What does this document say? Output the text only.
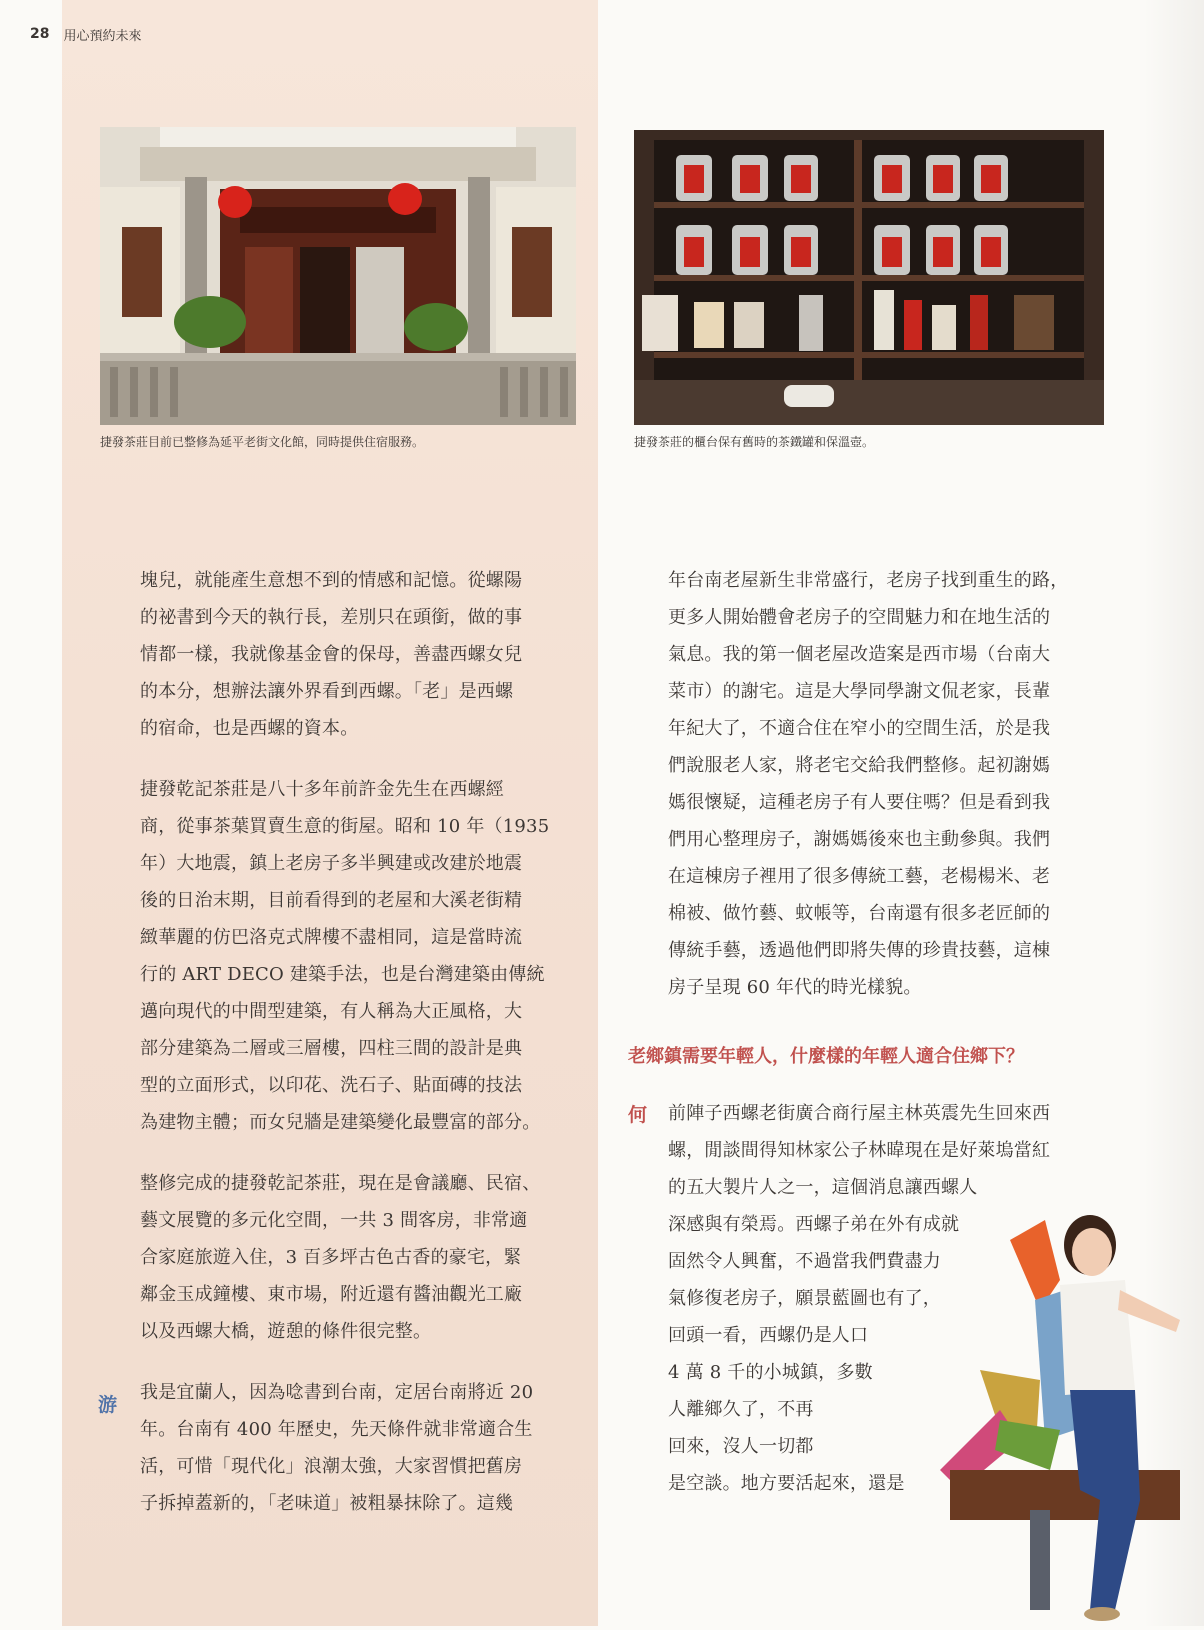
28 用心預約未來
捷發茶莊目前已整修為延平老街文化館，同時提供住宿服務。	捷發茶莊的櫃台保有舊時的茶鐵罐和保溫壺。
塊兒，就能產生意想不到的情感和記憶。從螺陽
的祕書到今天的執行長，差別只在頭銜，做的事
情都一樣，我就像基金會的保母，善盡西螺女兒
的本分，想辦法讓外界看到西螺。「老」是西螺
的宿命，也是西螺的資本。
捷發乾記茶莊是八十多年前許金先生在西螺經
商，從事茶葉買賣生意的街屋。昭和 10 年（1935
年）大地震，鎮上老房子多半興建或改建於地震
後的日治末期，目前看得到的老屋和大溪老街精
緻華麗的仿巴洛克式牌樓不盡相同，這是當時流
行的 ART DECO 建築手法，也是台灣建築由傳統
邁向現代的中間型建築，有人稱為大正風格，大
部分建築為二層或三層樓，四柱三間的設計是典
型的立面形式，以印花、洗石子、貼面磚的技法
為建物主體；而女兒牆是建築變化最豐富的部分。
整修完成的捷發乾記茶莊，現在是會議廳、民宿、
藝文展覽的多元化空間，一共 3 間客房，非常適
合家庭旅遊入住，3 百多坪古色古香的豪宅，緊
鄰金玉成鐘樓、東市場，附近還有醬油觀光工廠
以及西螺大橋，遊憩的條件很完整。
我是宜蘭人，因為唸書到台南，定居台南將近 20
年。台南有 400 年歷史，先天條件就非常適合生
活，可惜「現代化」浪潮太強，大家習慣把舊房
子拆掉蓋新的，「老味道」被粗暴抹除了。這幾
游
年台南老屋新生非常盛行，老房子找到重生的路，
更多人開始體會老房子的空間魅力和在地生活的
氣息。我的第一個老屋改造案是西市場（台南大
菜市）的謝宅。這是大學同學謝文侃老家，長輩
年紀大了，不適合住在窄小的空間生活，於是我
們說服老人家，將老宅交給我們整修。起初謝媽
媽很懷疑，這種老房子有人要住嗎？但是看到我
們用心整理房子，謝媽媽後來也主動參與。我們
在這棟房子裡用了很多傳統工藝，老楊楊米、老
棉被、做竹藝、蚊帳等，台南還有很多老匠師的
傳統手藝，透過他們即將失傳的珍貴技藝，這棟
房子呈現 60 年代的時光樣貌。
老鄉鎮需要年輕人，什麼樣的年輕人適合住鄉下？
何 前陣子西螺老街廣合商行屋主林英震先生回來西
螺，閒談間得知林家公子林暐現在是好萊塢當紅
的五大製片人之一，這個消息讓西螺人
深感與有榮焉。西螺子弟在外有成就
固然令人興奮，不過當我們費盡力
氣修復老房子，願景藍圖也有了，
回頭一看，西螺仍是人口
4 萬 8 千的小城鎮，多數
人離鄉久了，不再
回來，沒人一切都
是空談。地方要活起來，還是
